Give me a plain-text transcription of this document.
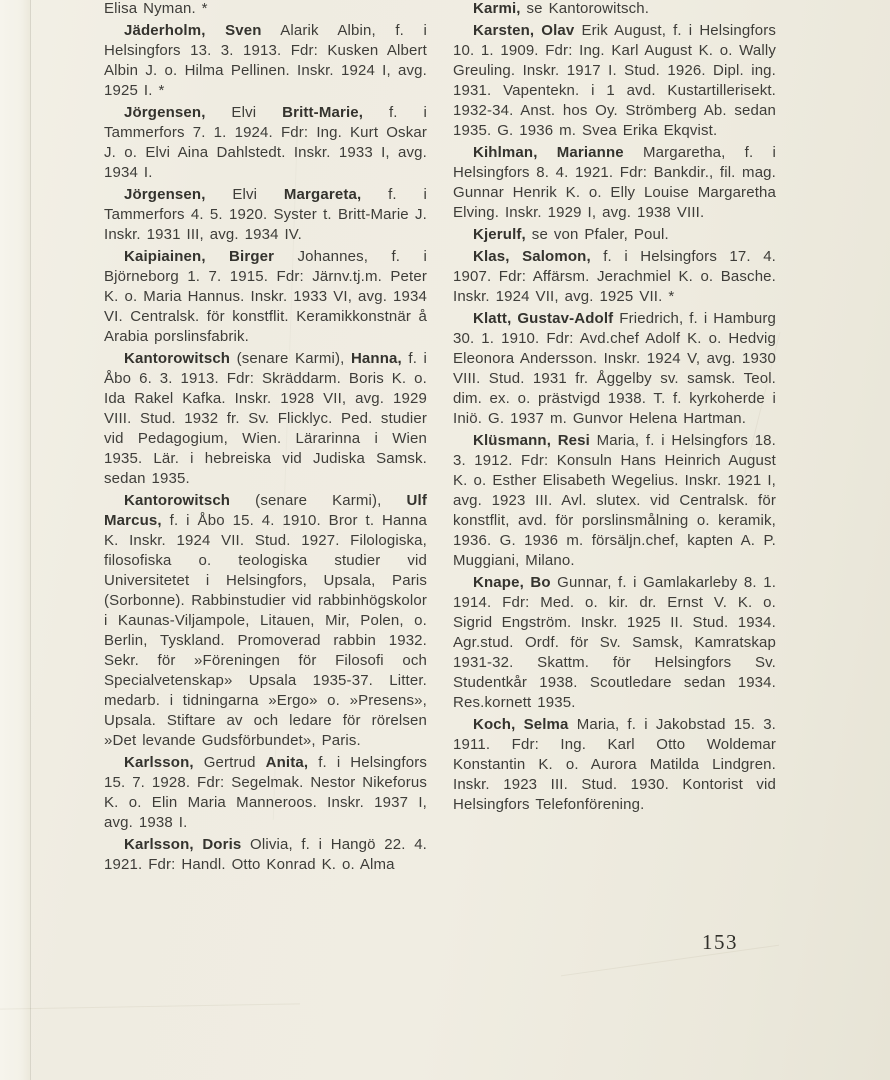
Elisa Nyman. *

Jäderholm, Sven Alarik Albin, f. i Helsingfors 13. 3. 1913. Fdr: Kusken Albert Albin J. o. Hilma Pellinen. Inskr. 1924 I, avg. 1925 I. *

Jörgensen, Elvi Britt-Marie, f. i Tammerfors 7. 1. 1924. Fdr: Ing. Kurt Oskar J. o. Elvi Aina Dahlstedt. Inskr. 1933 I, avg. 1934 I.

Jörgensen, Elvi Margareta, f. i Tammerfors 4. 5. 1920. Syster t. Britt-Marie J. Inskr. 1931 III, avg. 1934 IV.

Kaipiainen, Birger Johannes, f. i Björneborg 1. 7. 1915. Fdr: Järnv.tj.m. Peter K. o. Maria Hannus. Inskr. 1933 VI, avg. 1934 VI. Centralsk. för konstflit. Keramikkonstnär å Arabia porslinsfabrik.

Kantorowitsch (senare Karmi), Hanna, f. i Åbo 6. 3. 1913. Fdr: Skräddarm. Boris K. o. Ida Rakel Kafka. Inskr. 1928 VII, avg. 1929 VIII. Stud. 1932 fr. Sv. Flicklyc. Ped. studier vid Pedagogium, Wien. Lärarinna i Wien 1935. Lär. i hebreiska vid Judiska Samsk. sedan 1935.

Kantorowitsch (senare Karmi), Ulf Marcus, f. i Åbo 15. 4. 1910. Bror t. Hanna K. Inskr. 1924 VII. Stud. 1927. Filologiska, filosofiska o. teologiska studier vid Universitetet i Helsingfors, Upsala, Paris (Sorbonne). Rabbinstudier vid rabbinhögskolor i Kaunas-Viljampole, Litauen, Mir, Polen, o. Berlin, Tyskland. Promoverad rabbin 1932. Sekr. för »Föreningen för Filosofi och Specialvetenskap» Upsala 1935-37. Litter. medarb. i tidningarna »Ergo» o. »Presens», Upsala. Stiftare av och ledare för rörelsen »Det levande Gudsförbundet», Paris.

Karlsson, Gertrud Anita, f. i Helsingfors 15. 7. 1928. Fdr: Segelmak. Nestor Nikeforus K. o. Elin Maria Manneroos. Inskr. 1937 I, avg. 1938 I.

Karlsson, Doris Olivia, f. i Hangö 22. 4. 1921. Fdr: Handl. Otto Konrad K. o. Alma

Karmi, se Kantorowitsch.

Karsten, Olav Erik August, f. i Helsingfors 10. 1. 1909. Fdr: Ing. Karl August K. o. Wally Greuling. Inskr. 1917 I. Stud. 1926. Dipl. ing. 1931. Vapentekn. i 1 avd. Kustartillerisekt. 1932-34. Anst. hos Oy. Strömberg Ab. sedan 1935. G. 1936 m. Svea Erika Ekqvist.

Kihlman, Marianne Margaretha, f. i Helsingfors 8. 4. 1921. Fdr: Bankdir., fil. mag. Gunnar Henrik K. o. Elly Louise Margaretha Elving. Inskr. 1929 I, avg. 1938 VIII.

Kjerulf, se von Pfaler, Poul.

Klas, Salomon, f. i Helsingfors 17. 4. 1907. Fdr: Affärsm. Jerachmiel K. o. Basche. Inskr. 1924 VII, avg. 1925 VII. *

Klatt, Gustav-Adolf Friedrich, f. i Hamburg 30. 1. 1910. Fdr: Avd.chef Adolf K. o. Hedvig Eleonora Andersson. Inskr. 1924 V, avg. 1930 VIII. Stud. 1931 fr. Åggelby sv. samsk. Teol. dim. ex. o. prästvigd 1938. T. f. kyrkoherde i Iniö. G. 1937 m. Gunvor Helena Hartman.

Klüsmann, Resi Maria, f. i Helsingfors 18. 3. 1912. Fdr: Konsuln Hans Heinrich August K. o. Esther Elisabeth Wegelius. Inskr. 1921 I, avg. 1923 III. Avl. slutex. vid Centralsk. för konstflit, avd. för porslinsmålning o. keramik, 1936. G. 1936 m. försäljn.chef, kapten A. P. Muggiani, Milano.

Knape, Bo Gunnar, f. i Gamlakarleby 8. 1. 1914. Fdr: Med. o. kir. dr. Ernst V. K. o. Sigrid Engström. Inskr. 1925 II. Stud. 1934. Agr.stud. Ordf. för Sv. Samsk, Kamratskap 1931-32. Skattm. för Helsingfors Sv. Studentkår 1938. Scoutledare sedan 1934. Res.kornett 1935.

Koch, Selma Maria, f. i Jakobstad 15. 3. 1911. Fdr: Ing. Karl Otto Woldemar Konstantin K. o. Aurora Matilda Lindgren. Inskr. 1923 III. Stud. 1930. Kontorist vid Helsingfors Telefonförening.

153
